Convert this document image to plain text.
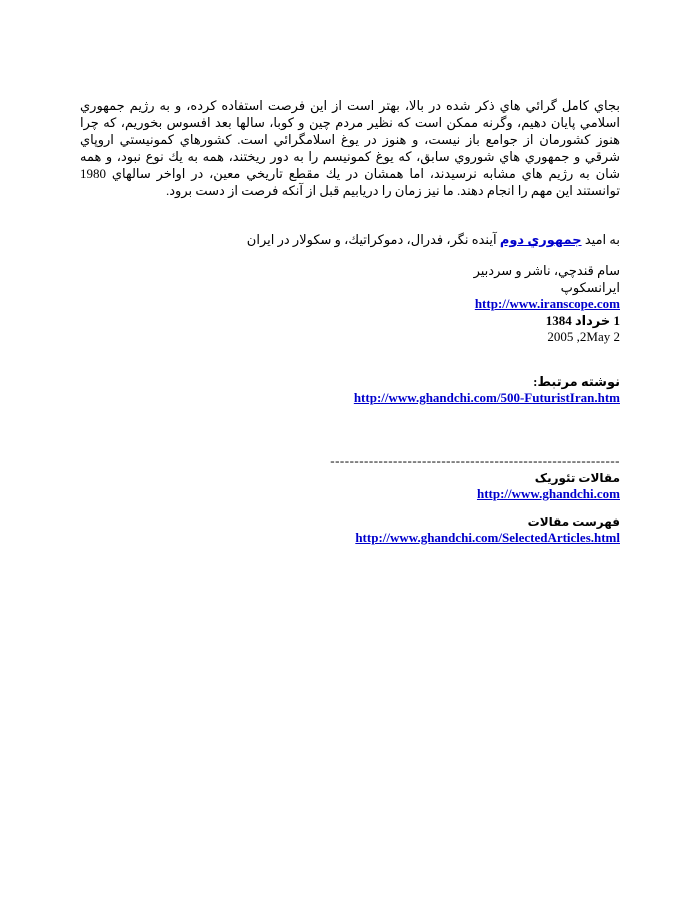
بجاي كامل گرائي هاي ذكر شده در بالا، بهتر است از اين فرصت استفاده كرده، و به رژيم جمهوري اسلامي پايان دهيم، وگرنه ممكن است كه نظير مردم چين و كوبا، سالها بعد افسوس بخوريم، كه چرا هنوز كشورمان از جوامع باز نيست، و هنوز در يوغ اسلامگرائي است. كشورهاي كمونيستي اروپاي شرقي و جمهوري هاي شوروي سابق، كه يوغ كمونيسم را به دور ريختند، همه به يك نوع نبود، و همه شان به رژيم هاي مشابه نرسيدند، اما همشان در يك مقطع تاريخي معين، در اواخر سالهاي 1980 توانستند اين مهم را انجام دهند. ما نيز زمان را دريابيم قبل از آنكه فرصت از دست برود.

به اميد جمهوري دوم آينده نگر، فدرال، دموكراتيك، و سكولار در ايران

سام قندچي، ناشر و سردبير
ايرانسكوپ
http://www.iranscope.com
1 خرداد 1384
2005 ,2May 2
نوشته مرتبط:
http://www.ghandchi.com/500-FuturistIran.htm
------------------------------------------------------------
مقالات تئوريک
http://www.ghandchi.com
فهرست مقالات
http://www.ghandchi.com/SelectedArticles.html
